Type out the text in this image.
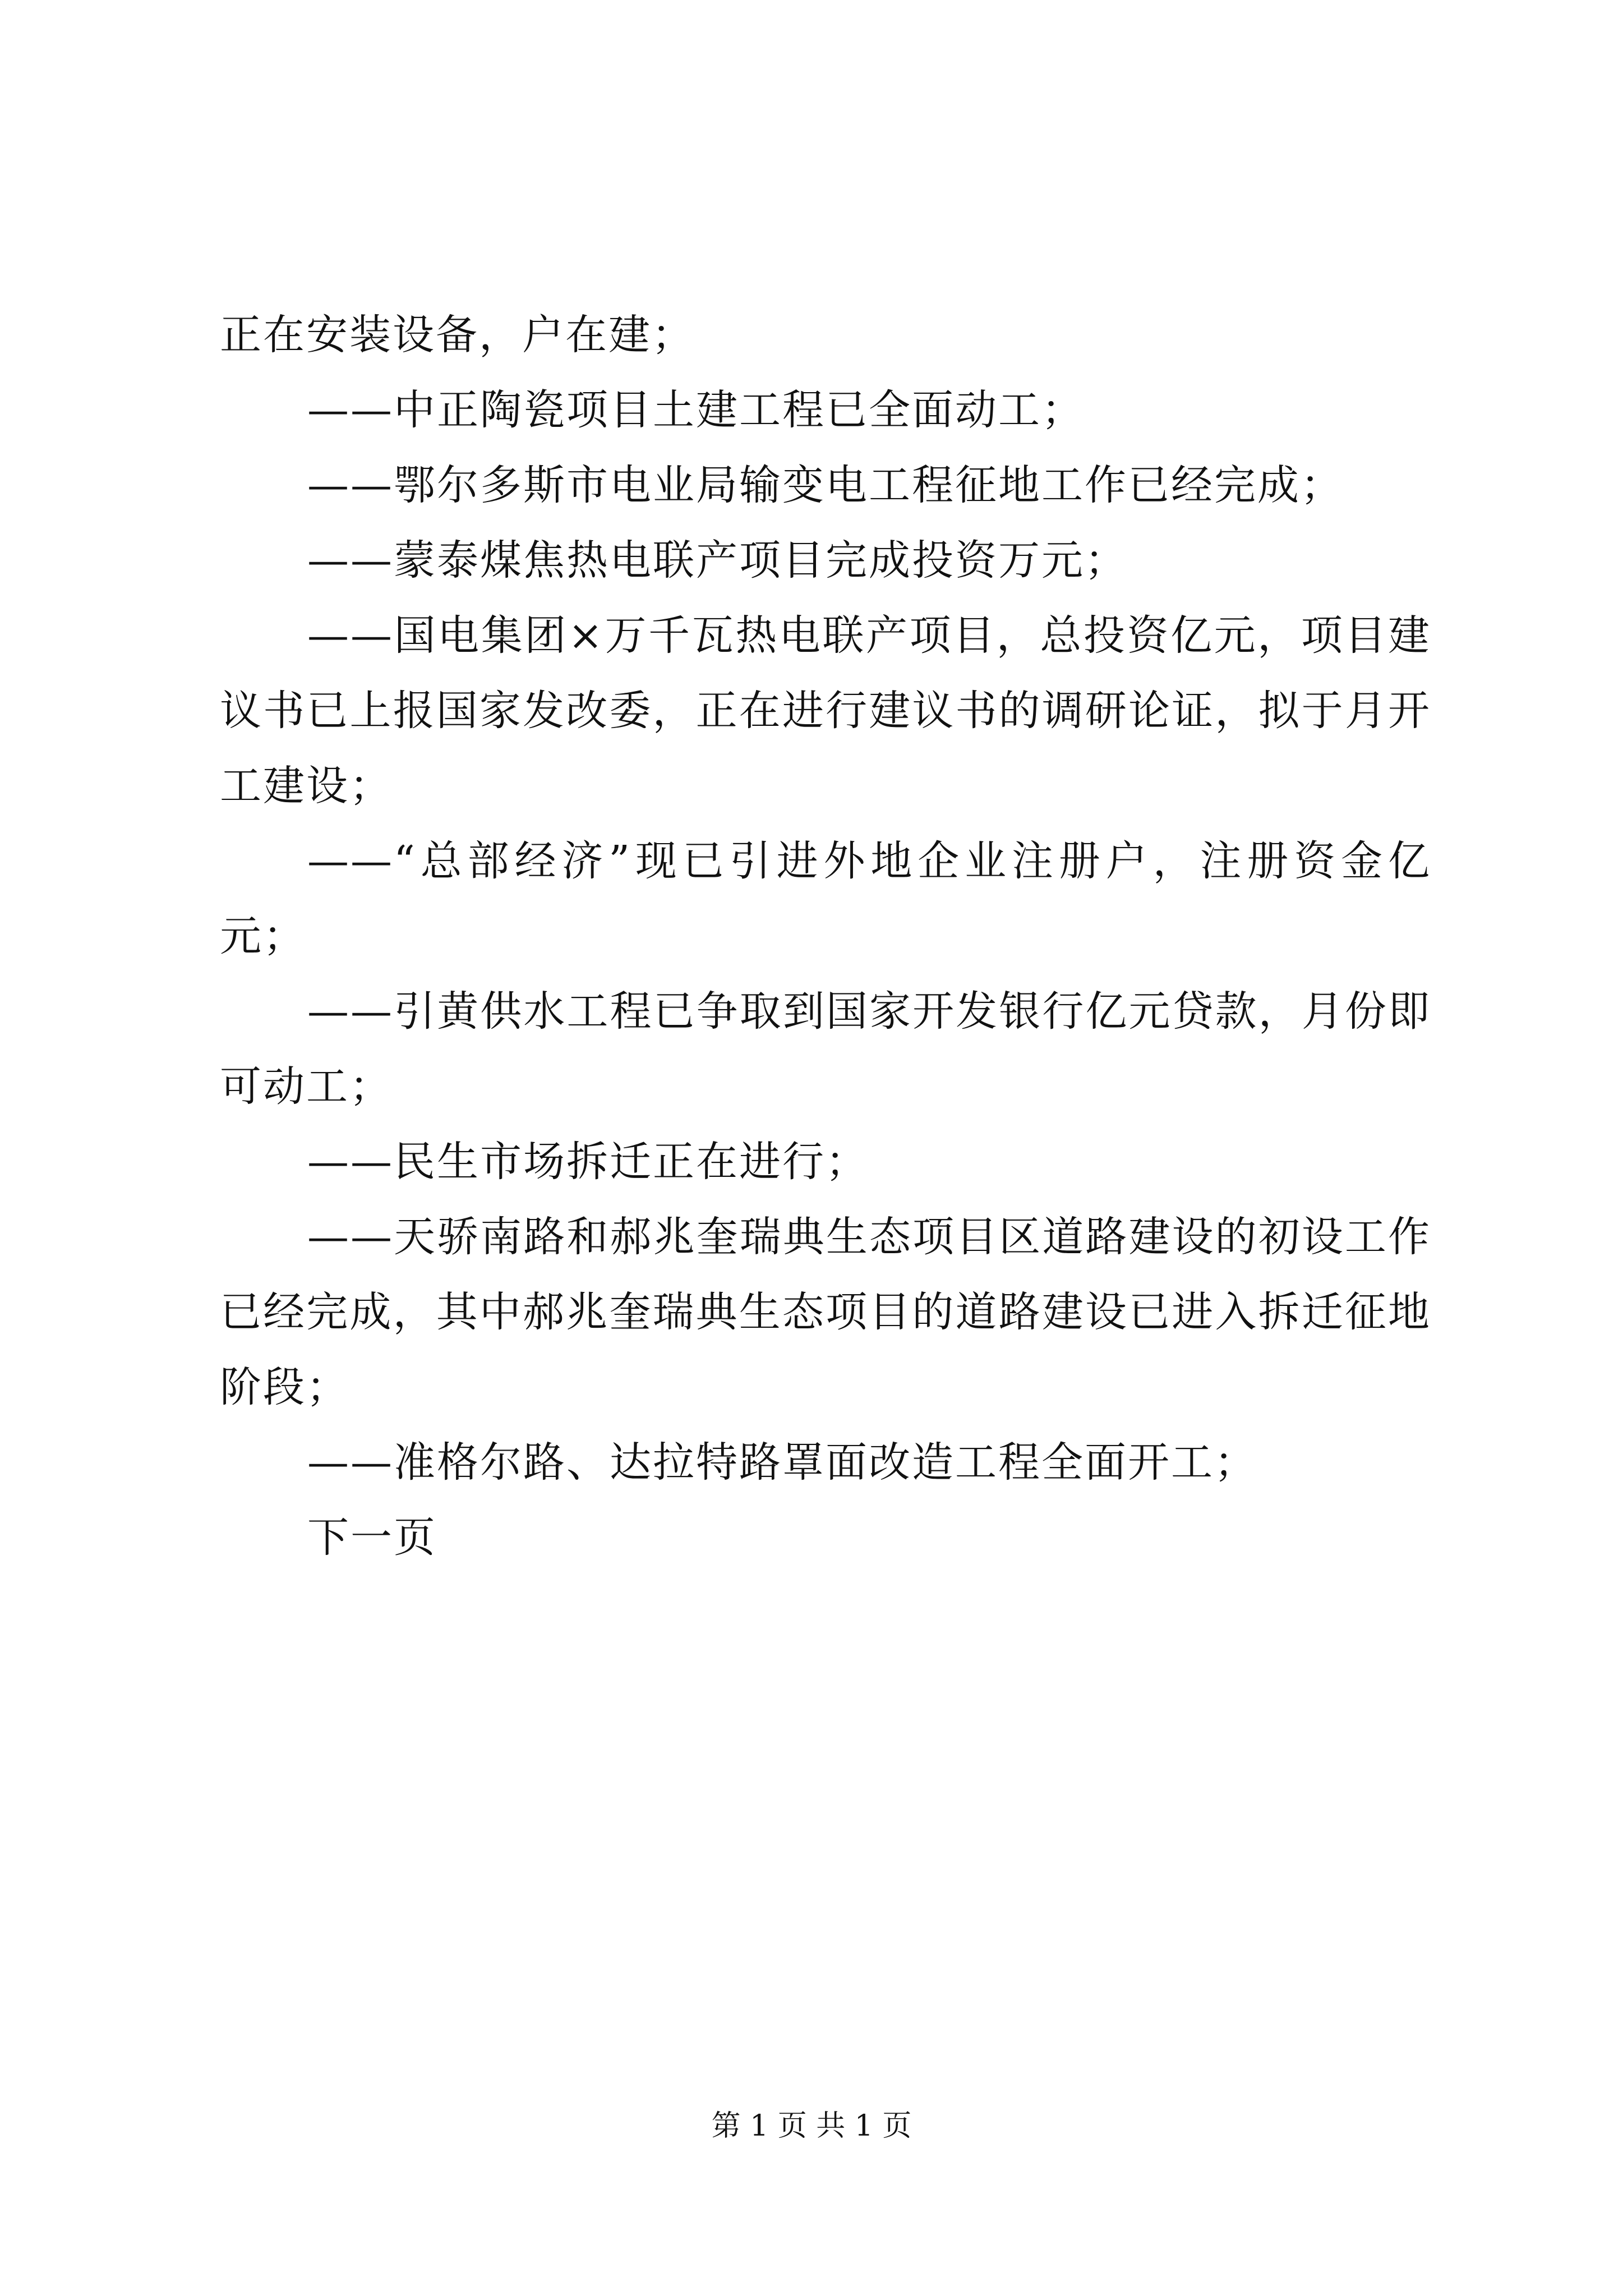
正在安装设备，户在建；

——中正陶瓷项目土建工程已全面动工；

——鄂尔多斯市电业局输变电工程征地工作已经完成；

——蒙泰煤焦热电联产项目完成投资万元；

——国电集团×万千瓦热电联产项目，总投资亿元，项目建议书已上报国家发改委，正在进行建议书的调研论证，拟于月开工建设；

——“总部经济”现已引进外地企业注册户，注册资金亿元；

——引黄供水工程已争取到国家开发银行亿元贷款，月份即可动工；

——民生市场拆迁正在进行；

——天骄南路和郝兆奎瑞典生态项目区道路建设的初设工作已经完成，其中郝兆奎瑞典生态项目的道路建设已进入拆迁征地阶段；

——准格尔路、达拉特路罩面改造工程全面开工；

下一页

第 1 页 共 1 页
